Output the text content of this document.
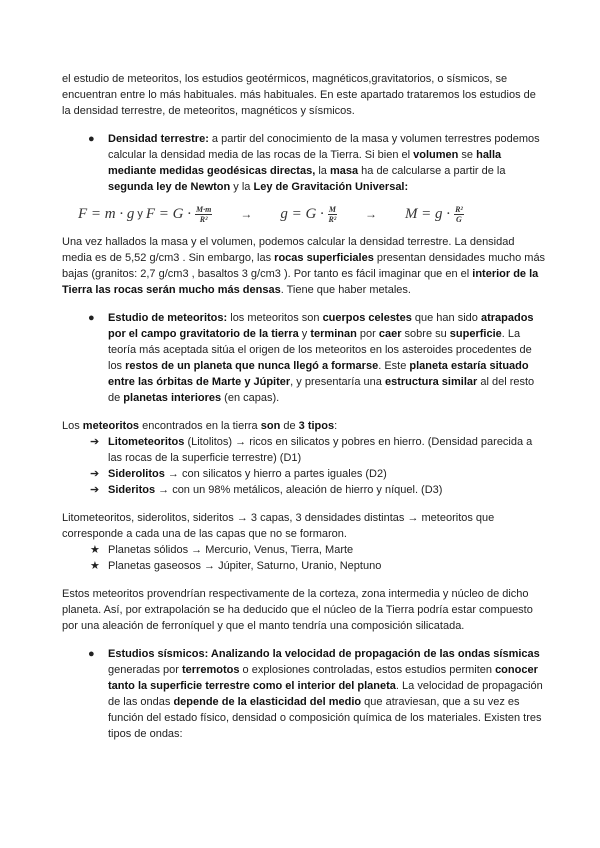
el estudio de meteoritos, los estudios geotérmicos, magnéticos,gravitatorios, o sísmicos, se encuentran entre lo más habituales. más habituales. En este apartado trataremos los estudios de la densidad terrestre, de meteoritos, magnéticos y sísmicos.
● Densidad terrestre: a partir del conocimiento de la masa y volumen terrestres podemos calcular la densidad media de las rocas de la Tierra. Si bien el volumen se halla mediante medidas geodésicas directas, la masa ha de calcularse a partir de la segunda ley de Newton y la Ley de Gravitación Universal:
F = m · g y $F = G \cdot \frac{M\cdot m}{\text{R²}} \to g = G \cdot \frac{M}{\text{R²}} \to M = g \cdot \frac{\text{R²}}{G}$
Una vez hallados la masa y el volumen, podemos calcular la densidad terrestre. La densidad media es de 5,52 g/cm3 . Sin embargo, las rocas superficiales presentan densidades mucho más bajas (granitos: 2,7 g/cm3 , basaltos 3 g/cm3 ). Por tanto es fácil imaginar que en el interior de la Tierra las rocas serán mucho más densas. Tiene que haber metales.
● Estudio de meteoritos: los meteoritos son cuerpos celestes que han sido atrapados por el campo gravitatorio de la tierra y terminan por caer sobre su superficie. La teoría más aceptada sitúa el origen de los meteoritos en los asteroides procedentes de los restos de un planeta que nunca llegó a formarse. Este planeta estaría situado entre las órbitas de Marte y Júpiter, y presentaría una estructura similar al del resto de planetas interiores (en capas).
Los meteoritos encontrados en la tierra son de 3 tipos:
➔ Litometeoritos (Litolitos) → ricos en silicatos y pobres en hierro. (Densidad parecida a las rocas de la superficie terrestre) (D1)
➔ Siderolitos → con silicatos y hierro a partes iguales (D2)
➔ Sideritos → con un 98% metálicos, aleación de hierro y níquel. (D3)
Litometeoritos, siderolitos, sideritos → 3 capas, 3 densidades distintas → meteoritos que corresponde a cada una de las capas que no se formaron.
★ Planetas sólidos → Mercurio, Venus, Tierra, Marte
★ Planetas gaseosos → Júpiter, Saturno, Uranio, Neptuno
Estos meteoritos provendrían respectivamente de la corteza, zona intermedia y núcleo de dicho planeta. Así, por extrapolación se ha deducido que el núcleo de la Tierra podría estar compuesto por una aleación de ferroníquel y que el manto tendría una composición silicatada.
● Estudios sísmicos: Analizando la velocidad de propagación de las ondas sísmicas generadas por terremotos o explosiones controladas, estos estudios permiten conocer tanto la superficie terrestre como el interior del planeta. La velocidad de propagación de las ondas depende de la elasticidad del medio que atraviesan, que a su vez es función del estado físico, densidad o composición química de los materiales. Existen tres tipos de ondas:
